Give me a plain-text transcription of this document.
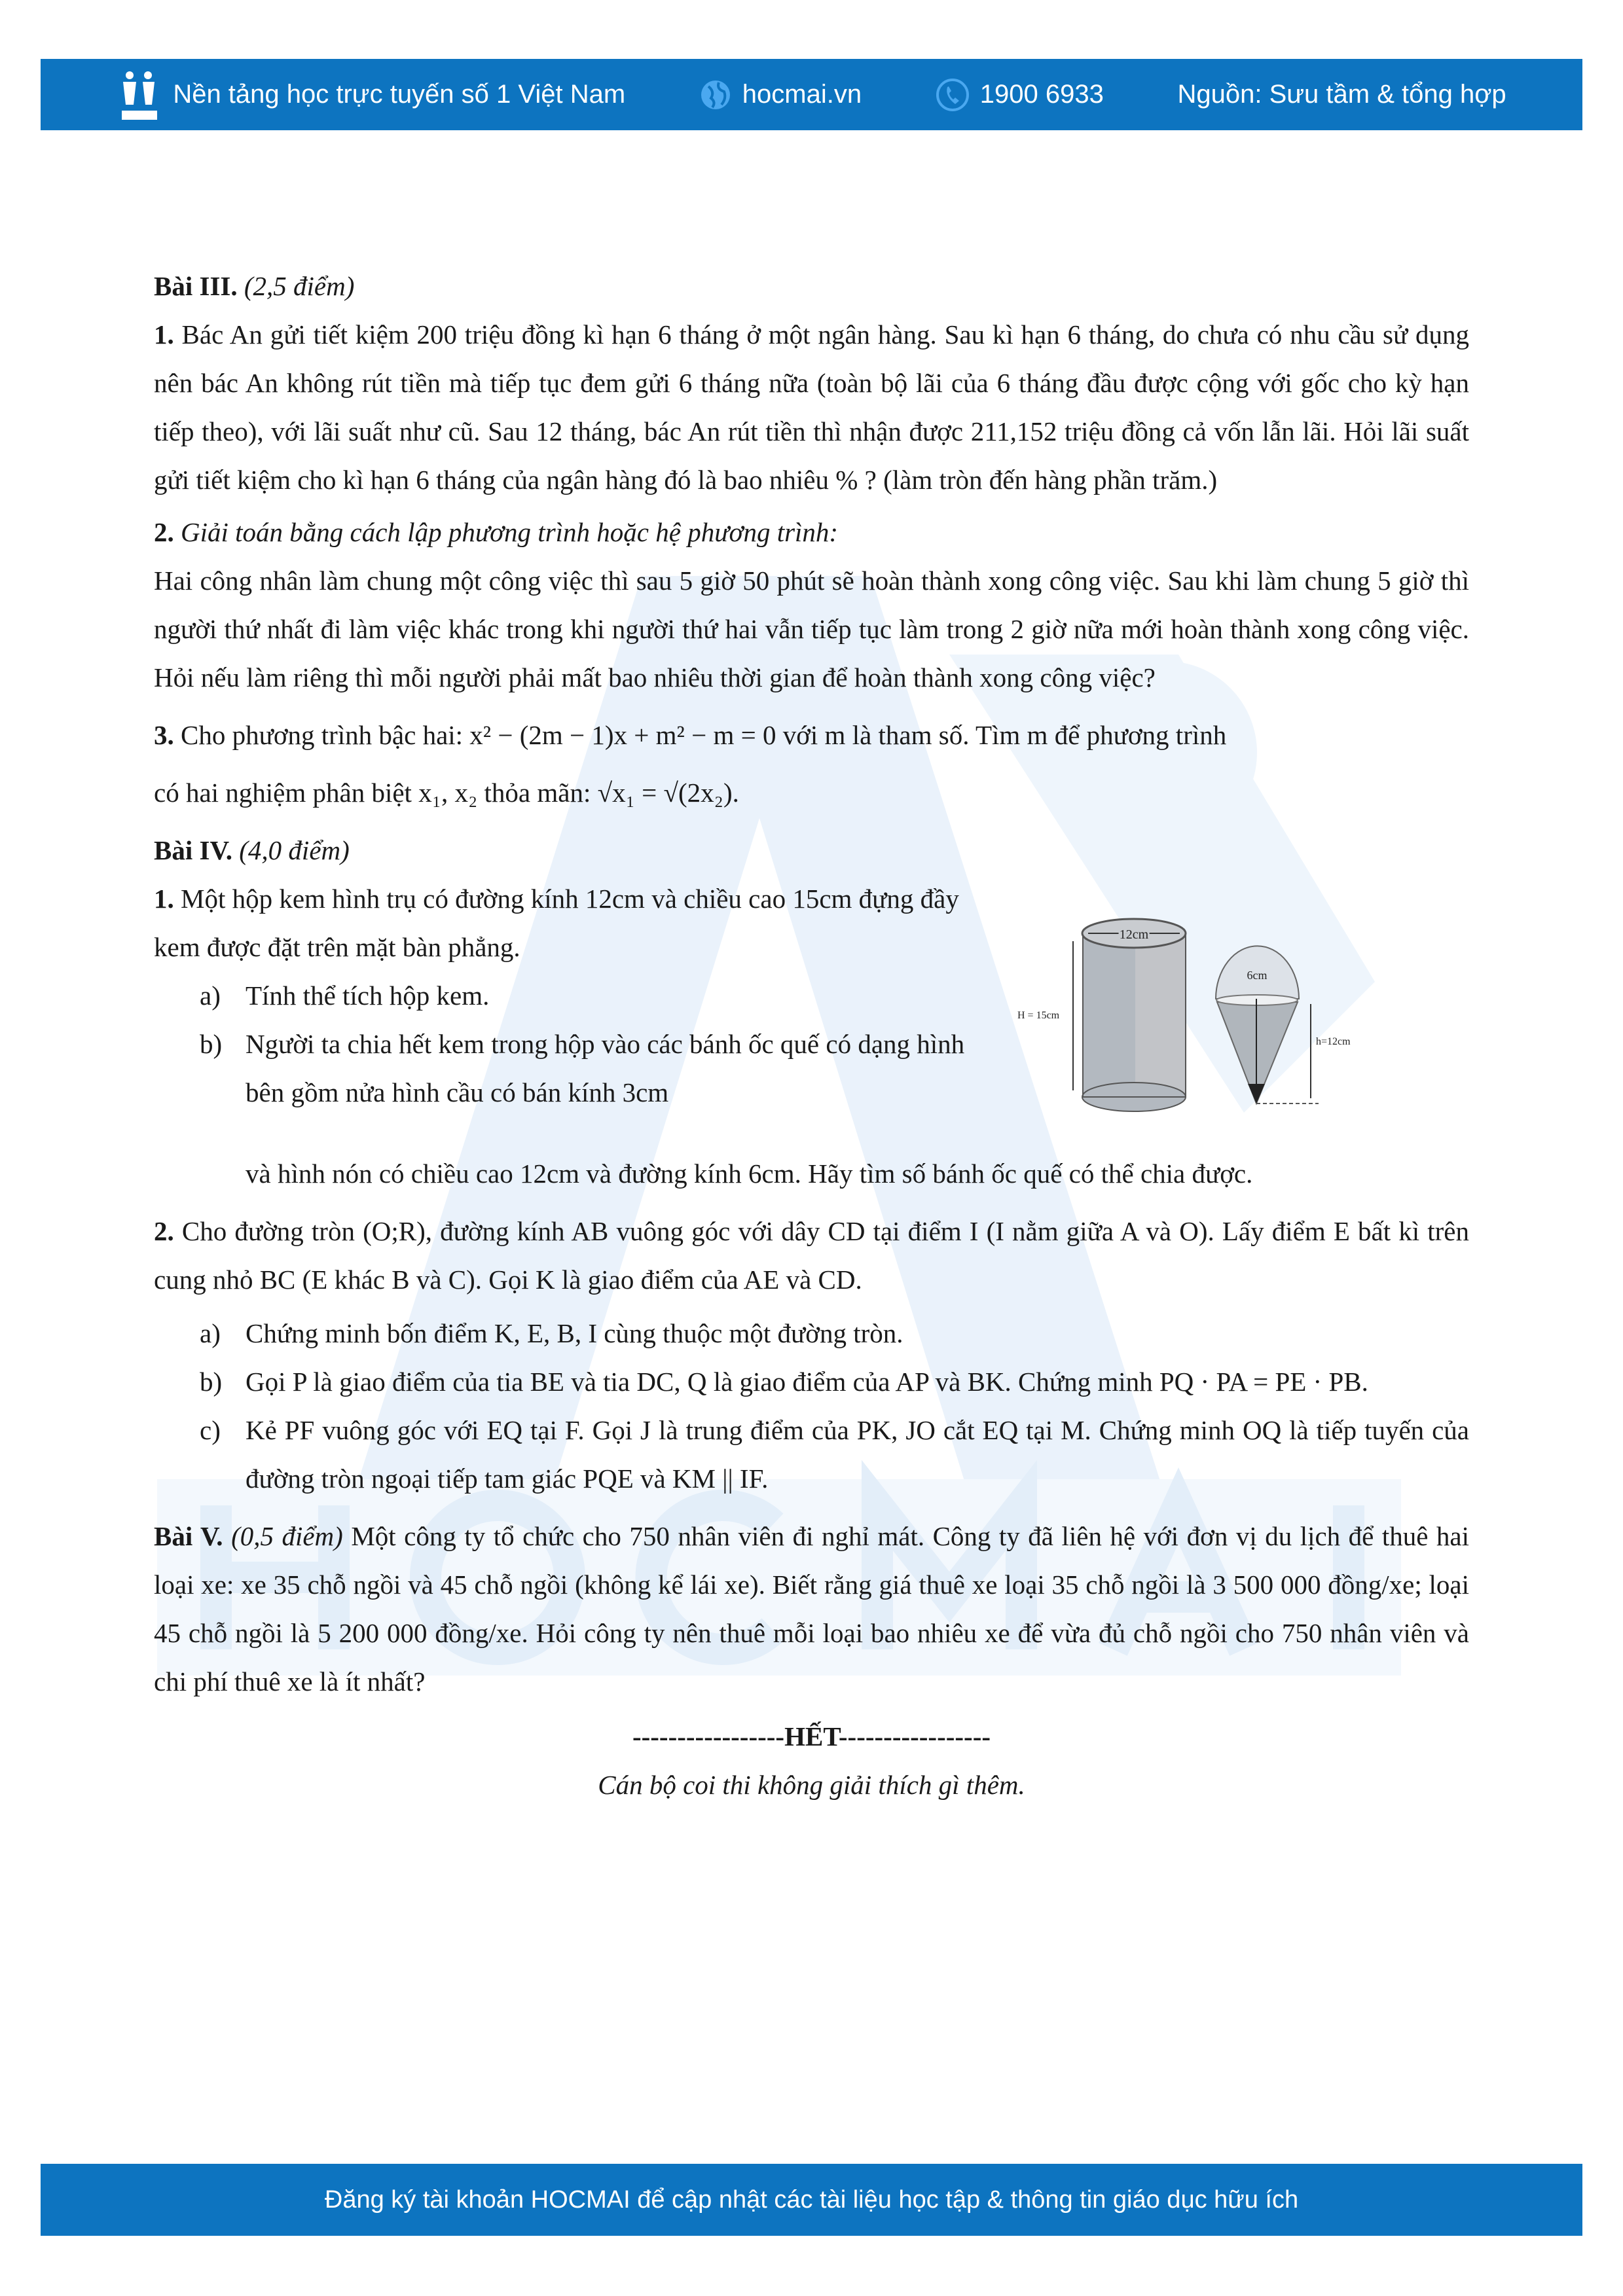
Nền tảng học trực tuyến số 1 Việt Nam	hocmai.vn	1900 6933	Nguồn: Sưu tầm & tổng hợp
Bài III. (2,5 điểm)
1. Bác An gửi tiết kiệm 200 triệu đồng kì hạn 6 tháng ở một ngân hàng. Sau kì hạn 6 tháng, do chưa có nhu cầu sử dụng nên bác An không rút tiền mà tiếp tục đem gửi 6 tháng nữa (toàn bộ lãi của 6 tháng đầu được cộng với gốc cho kỳ hạn tiếp theo), với lãi suất như cũ. Sau 12 tháng, bác An rút tiền thì nhận được 211,152 triệu đồng cả vốn lẫn lãi. Hỏi lãi suất gửi tiết kiệm cho kì hạn 6 tháng của ngân hàng đó là bao nhiêu % ? (làm tròn đến hàng phần trăm.)
2. Giải toán bằng cách lập phương trình hoặc hệ phương trình:
Hai công nhân làm chung một công việc thì sau 5 giờ 50 phút sẽ hoàn thành xong công việc. Sau khi làm chung 5 giờ thì người thứ nhất đi làm việc khác trong khi người thứ hai vẫn tiếp tục làm trong 2 giờ nữa mới hoàn thành xong công việc. Hỏi nếu làm riêng thì mỗi người phải mất bao nhiêu thời gian để hoàn thành xong công việc?
3. Cho phương trình bậc hai: x² − (2m − 1)x + m² − m = 0 với m là tham số. Tìm m để phương trình
có hai nghiệm phân biệt x₁, x₂ thỏa mãn: √x₁ = √(2x₂).
Bài IV. (4,0 điểm)
12cm
H = 15cm
6cm
h=12cm
1. Một hộp kem hình trụ có đường kính 12cm và chiều cao 15cm đựng đầy kem được đặt trên mặt bàn phẳng.
a) Tính thể tích hộp kem.
b) Người ta chia hết kem trong hộp vào các bánh ốc quế có dạng hình bên gồm nửa hình cầu có bán kính 3cm
và hình nón có chiều cao 12cm và đường kính 6cm. Hãy tìm số bánh ốc quế có thể chia được.
2. Cho đường tròn (O;R), đường kính AB vuông góc với dây CD tại điểm I (I nằm giữa A và O). Lấy điểm E bất kì trên cung nhỏ BC (E khác B và C). Gọi K là giao điểm của AE và CD.
a) Chứng minh bốn điểm K, E, B, I cùng thuộc một đường tròn.
b) Gọi P là giao điểm của tia BE và tia DC, Q là giao điểm của AP và BK. Chứng minh PQ · PA = PE · PB.
c) Kẻ PF vuông góc với EQ tại F. Gọi J là trung điểm của PK, JO cắt EQ tại M. Chứng minh OQ là tiếp tuyến của đường tròn ngoại tiếp tam giác PQE và KM || IF.
Bài V. (0,5 điểm) Một công ty tổ chức cho 750 nhân viên đi nghỉ mát. Công ty đã liên hệ với đơn vị du lịch để thuê hai loại xe: xe 35 chỗ ngồi và 45 chỗ ngồi (không kể lái xe). Biết rằng giá thuê xe loại 35 chỗ ngồi là 3 500 000 đồng/xe; loại 45 chỗ ngồi là 5 200 000 đồng/xe. Hỏi công ty nên thuê mỗi loại bao nhiêu xe để vừa đủ chỗ ngồi cho 750 nhân viên và chi phí thuê xe là ít nhất?
-----------------HẾT-----------------
Cán bộ coi thi không giải thích gì thêm.
Đăng ký tài khoản HOCMAI để cập nhật các tài liệu học tập & thông tin giáo dục hữu ích
